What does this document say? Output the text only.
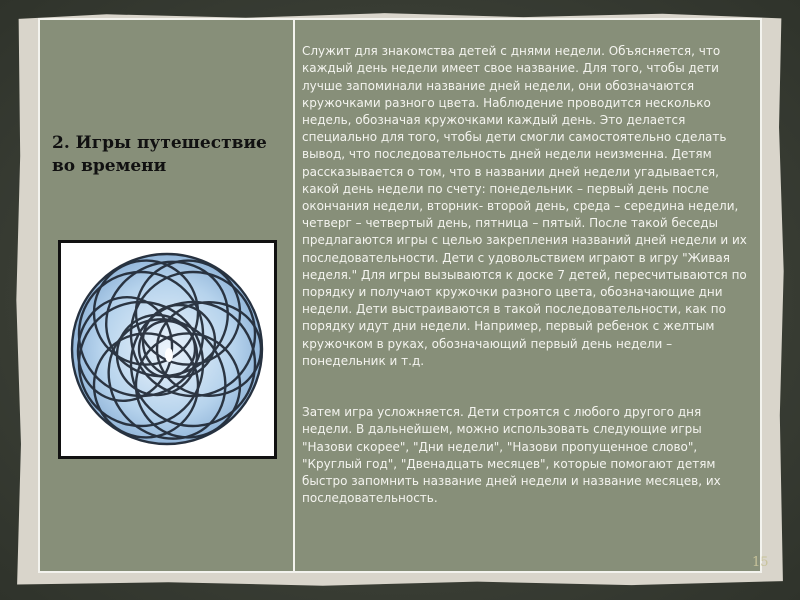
2. Игры путешествие во времени

Служит для знакомства детей с днями недели. Объясняется, что каждый день недели имеет свое название. Для того, чтобы дети лучше запоминали название дней недели, они обозначаются кружочками разного цвета. Наблюдение проводится несколько недель, обозначая кружочками каждый день. Это делается специально для того, чтобы дети смогли самостоятельно сделать вывод, что последовательность дней недели неизменна. Детям рассказывается о том, что в названии дней недели угадывается, какой день недели по счету: понедельник – первый день после окончания недели, вторник- второй день, среда – середина недели, четверг – четвертый день, пятница – пятый. После такой беседы предлагаются игры с целью закрепления названий дней недели и их последовательности. Дети с удовольствием играют в игру "Живая неделя." Для игры вызываются к доске 7 детей, пересчитываются по порядку и получают кружочки разного цвета, обозначающие дни недели. Дети выстраиваются в такой последовательности, как по порядку идут дни недели. Например, первый ребенок с желтым кружочком в руках, обозначающий первый день недели – понедельник и т.д.

Затем игра усложняется. Дети строятся с любого другого дня недели. В дальнейшем, можно использовать следующие игры "Назови скорее", "Дни недели", "Назови пропущенное слово", "Круглый год", "Двенадцать месяцев", которые помогают детям быстро запомнить название дней недели и название месяцев, их последовательность.

15
